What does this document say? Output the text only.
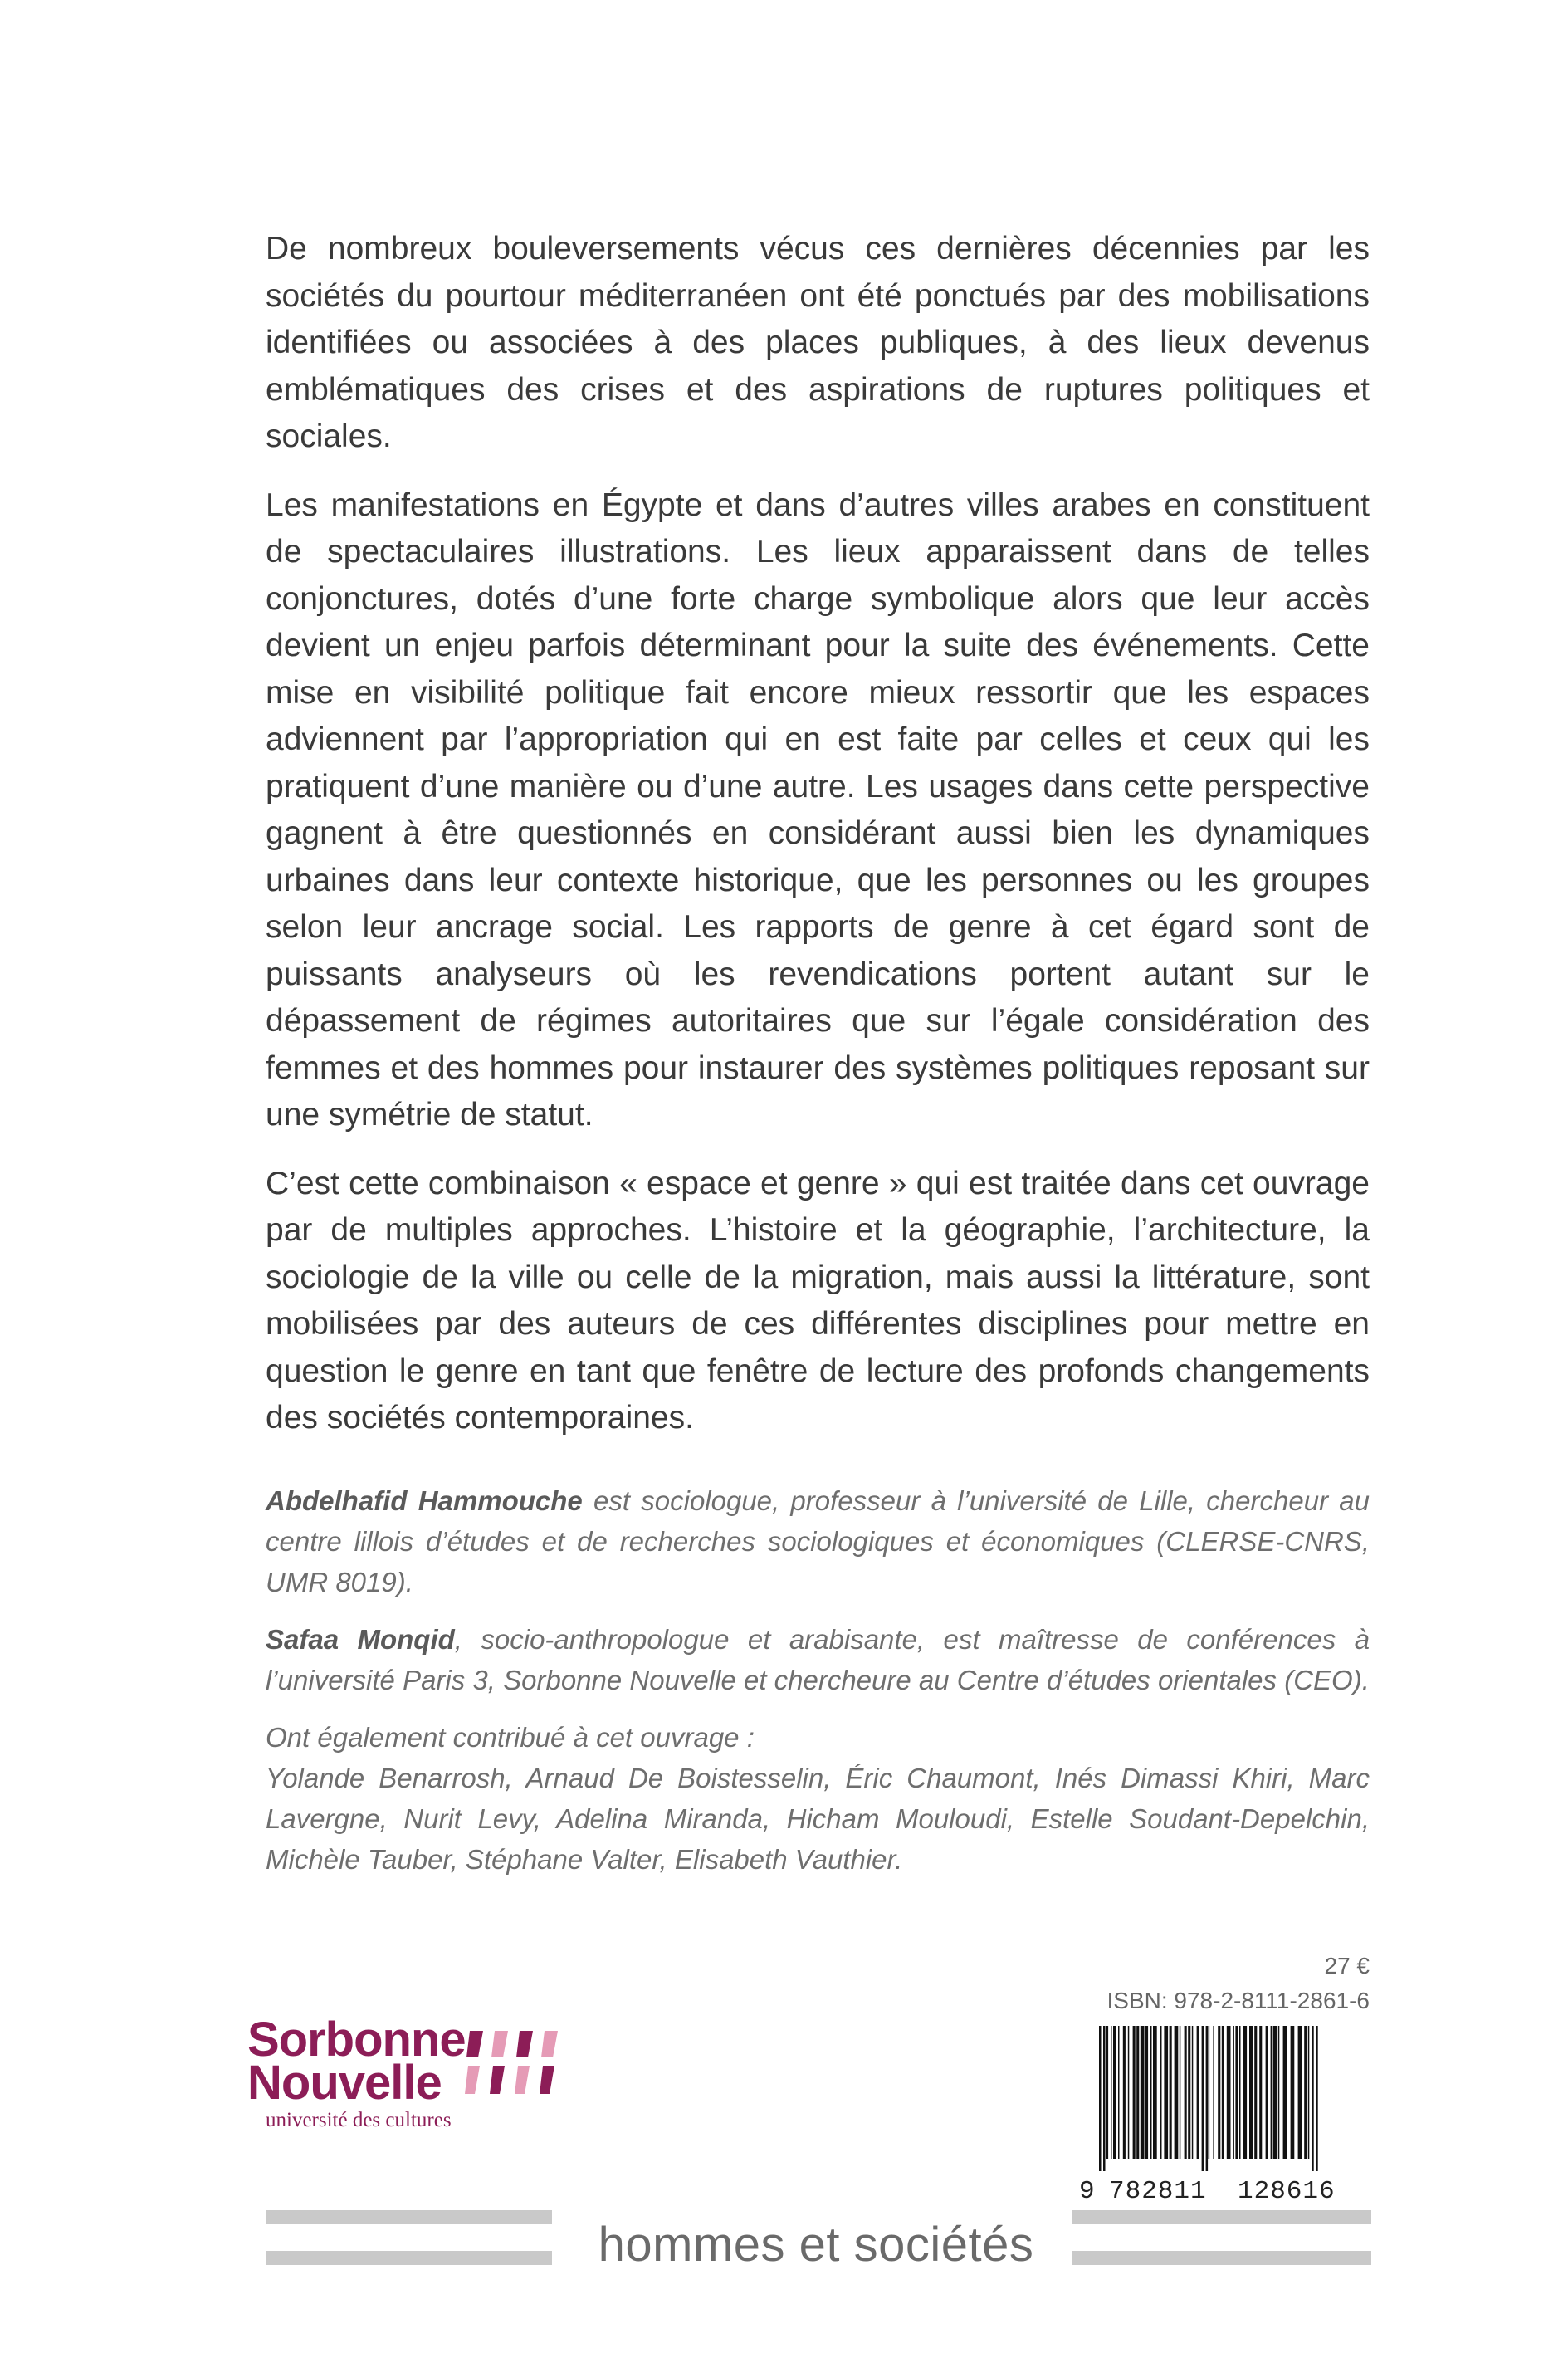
De nombreux bouleversements vécus ces dernières décennies par les sociétés du pourtour méditerranéen ont été ponctués par des mobilisations identifiées ou associées à des places publiques, à des lieux devenus emblématiques des crises et des aspirations de ruptures politiques et sociales.

Les manifestations en Égypte et dans d’autres villes arabes en constituent de spectaculaires illustrations. Les lieux apparaissent dans de telles conjonctures, dotés d’une forte charge symbolique alors que leur accès devient un enjeu parfois déterminant pour la suite des événements. Cette mise en visibilité politique fait encore mieux ressortir que les espaces adviennent par l’appropriation qui en est faite par celles et ceux qui les pratiquent d’une manière ou d’une autre. Les usages dans cette perspective gagnent à être questionnés en considérant aussi bien les dynamiques urbaines dans leur contexte historique, que les personnes ou les groupes selon leur ancrage social. Les rapports de genre à cet égard sont de puissants analyseurs où les revendications portent autant sur le dépassement de régimes autoritaires que sur l’égale considération des femmes et des hommes pour instaurer des systèmes politiques reposant sur une symétrie de statut.

C’est cette combinaison « espace et genre » qui est traitée dans cet ouvrage par de multiples approches. L’histoire et la géographie, l’architecture, la sociologie de la ville ou celle de la migration, mais aussi la littérature, sont mobilisées par des auteurs de ces différentes disciplines pour mettre en question le genre en tant que fenêtre de lecture des profonds changements des sociétés contemporaines.

Abdelhafid Hammouche est sociologue, professeur à l’université de Lille, chercheur au centre lillois d’études et de recherches sociologiques et économiques (CLERSE-CNRS, UMR 8019).

Safaa Monqid, socio-anthropologue et arabisante, est maîtresse de conférences à l’université Paris 3, Sorbonne Nouvelle et chercheure au Centre d’études orientales (CEO).

Ont également contribué à cet ouvrage :
Yolande Benarrosh, Arnaud De Boistesselin, Éric Chaumont, Inés Dimassi Khiri, Marc Lavergne, Nurit Levy, Adelina Miranda, Hicham Mouloudi, Estelle Soudant-Depelchin, Michèle Tauber, Stéphane Valter, Elisabeth Vauthier.

27 €
ISBN: 978-2-8111-2861-6
9 782811 128616
Sorbonne
Nouvelle
université des cultures
hommes et sociétés
